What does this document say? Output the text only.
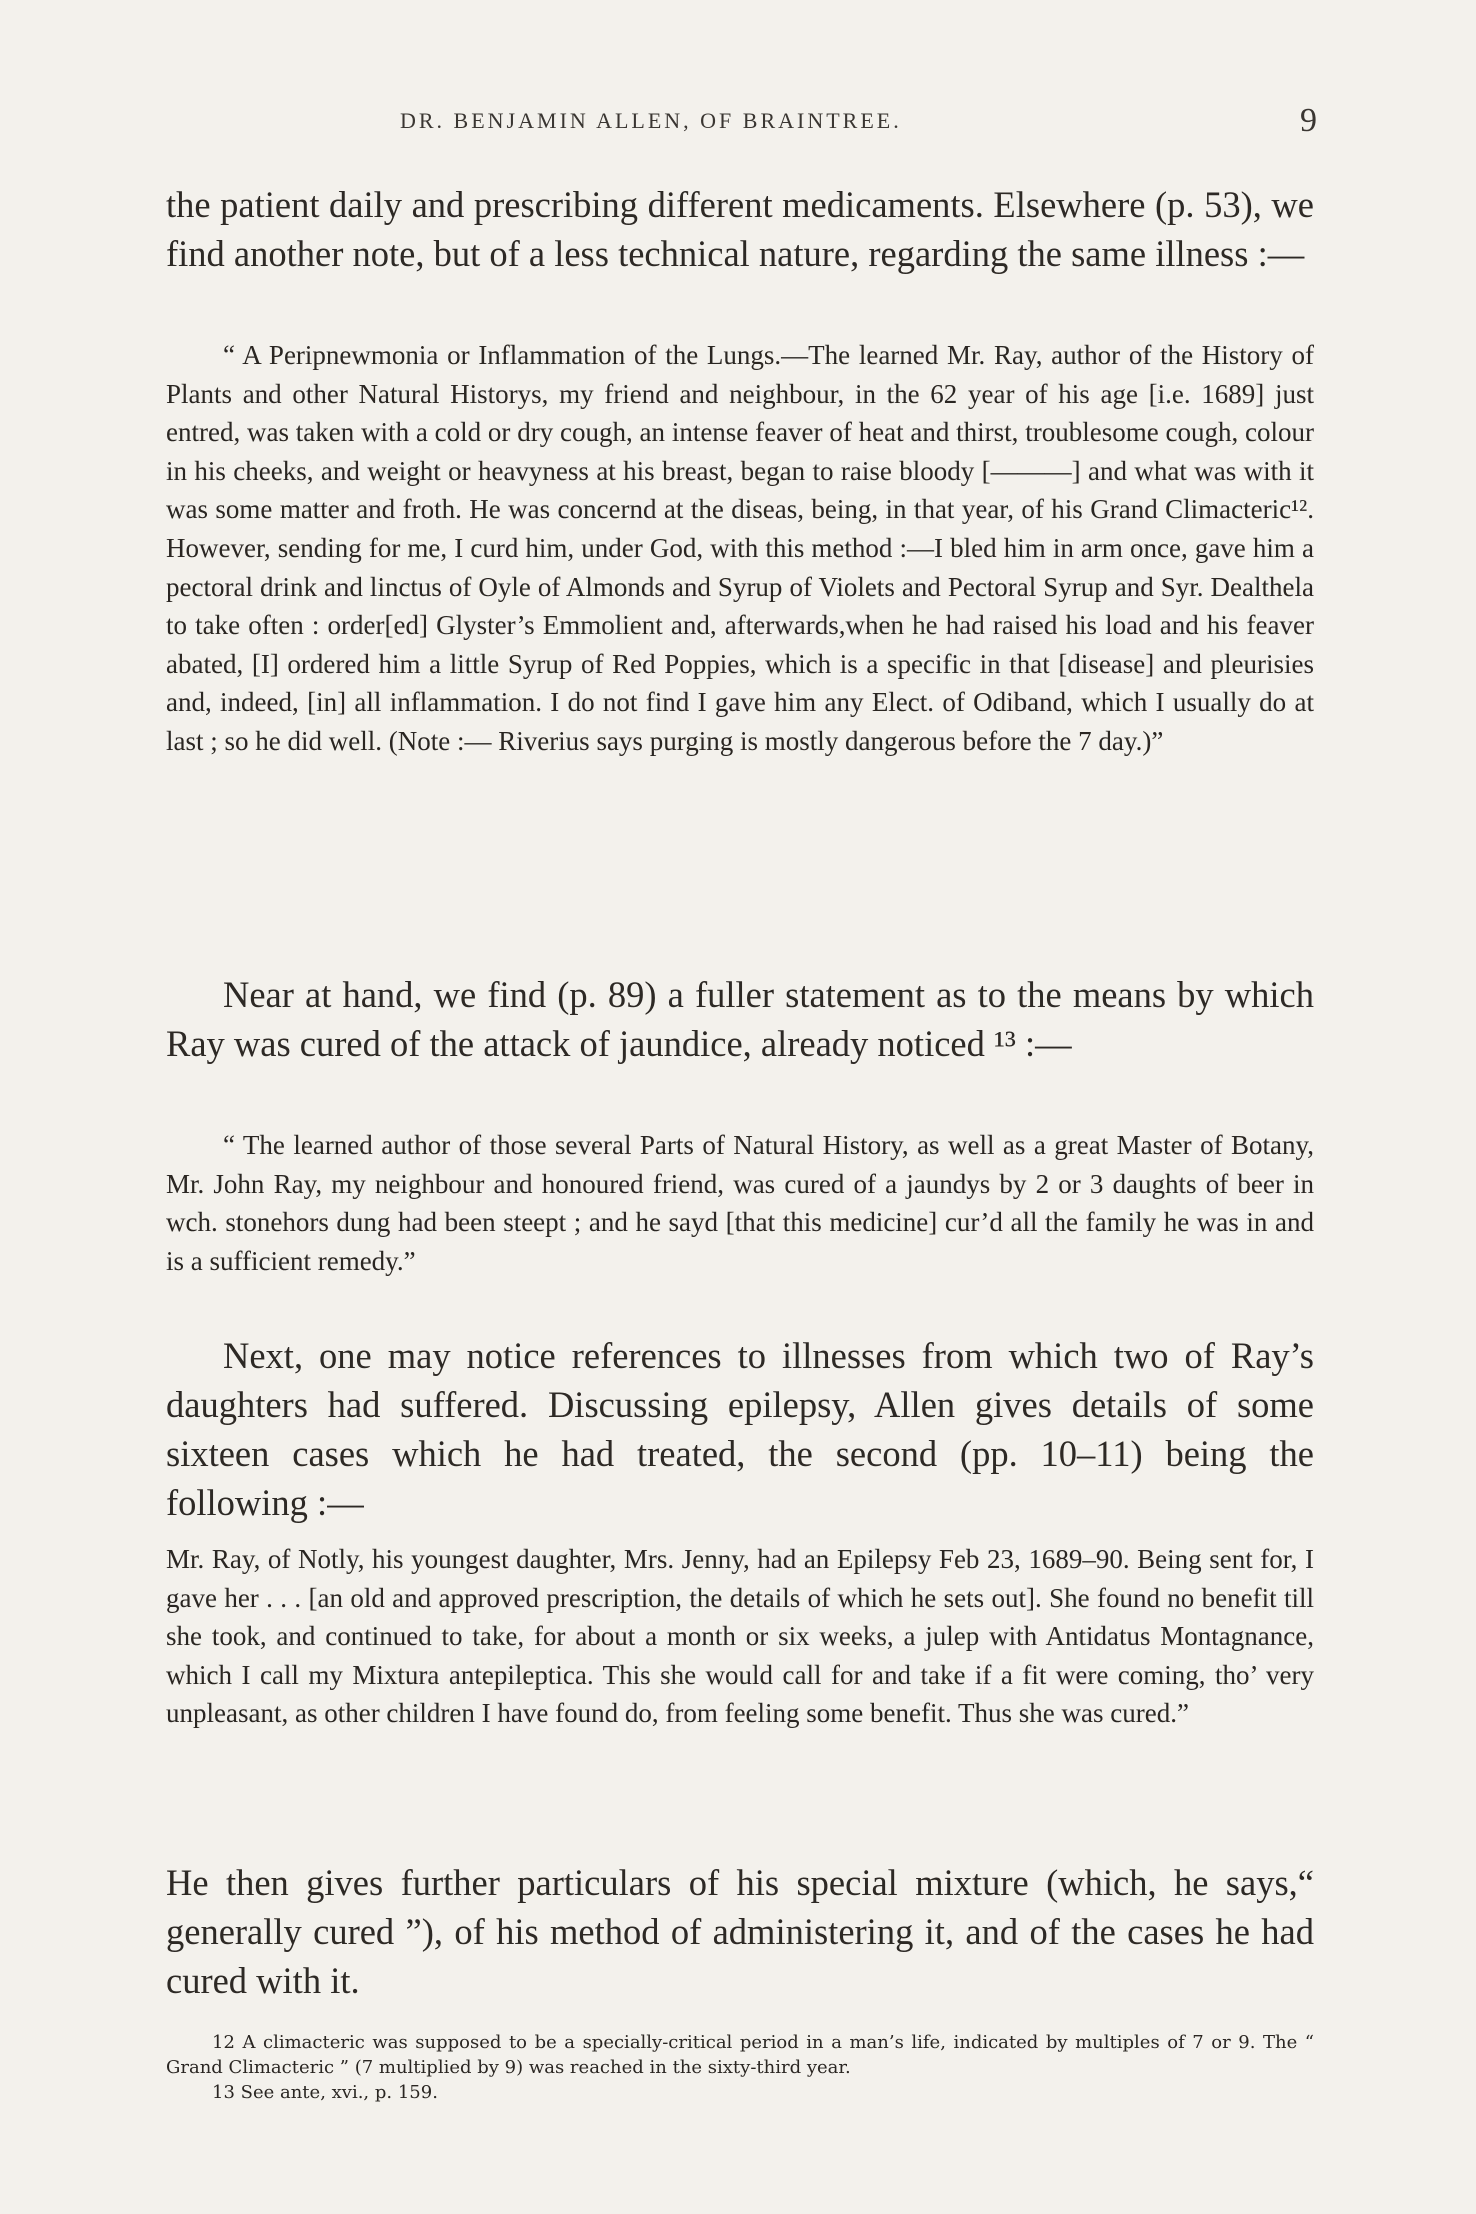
DR. BENJAMIN ALLEN, OF BRAINTREE.	9

the patient daily and prescribing different medicaments. Elsewhere (p. 53), we find another note, but of a less technical nature, regarding the same illness :—

“ A Peripnewmonia or Inflammation of the Lungs.—The learned Mr. Ray, author of the History of Plants and other Natural Historys, my friend and neighbour, in the 62 year of his age [i.e. 1689] just entred, was taken with a cold or dry cough, an intense feaver of heat and thirst, troublesome cough, colour in his cheeks, and weight or heavyness at his breast, began to raise bloody [———] and what was with it was some matter and froth. He was concernd at the diseas, being, in that year, of his Grand Climacteric¹². However, sending for me, I curd him, under God, with this method :—I bled him in arm once, gave him a pectoral drink and linctus of Oyle of Almonds and Syrup of Violets and Pectoral Syrup and Syr. Dealthela to take often : order[ed] Glyster’s Emmolient and, afterwards,when he had raised his load and his feaver abated, [I] ordered him a little Syrup of Red Poppies, which is a specific in that [disease] and pleurisies and, indeed, [in] all inflammation. I do not find I gave him any Elect. of Odiband, which I usually do at last ; so he did well. (Note :— Riverius says purging is mostly dangerous before the 7 day.)”

Near at hand, we find (p. 89) a fuller statement as to the means by which Ray was cured of the attack of jaundice, already noticed ¹³ :—

“ The learned author of those several Parts of Natural History, as well as a great Master of Botany, Mr. John Ray, my neighbour and honoured friend, was cured of a jaundys by 2 or 3 daughts of beer in wch. stonehors dung had been steept ; and he sayd [that this medicine] cur’d all the family he was in and is a sufficient remedy.”

Next, one may notice references to illnesses from which two of Ray’s daughters had suffered. Discussing epilepsy, Allen gives details of some sixteen cases which he had treated, the second (pp. 10–11) being the following :—

Mr. Ray, of Notly, his youngest daughter, Mrs. Jenny, had an Epilepsy Feb 23, 1689–90. Being sent for, I gave her . . . [an old and approved prescription, the details of which he sets out]. She found no benefit till she took, and continued to take, for about a month or six weeks, a julep with Antidatus Montagnance, which I call my Mixtura antepileptica. This she would call for and take if a fit were coming, tho’ very unpleasant, as other children I have found do, from feeling some benefit. Thus she was cured.”

He then gives further particulars of his special mixture (which, he says,“ generally cured ”), of his method of administering it, and of the cases he had cured with it.

12 A climacteric was supposed to be a specially-critical period in a man’s life, indicated by multiples of 7 or 9. The “ Grand Climacteric ” (7 multiplied by 9) was reached in the sixty-third year.

13 See ante, xvi., p. 159.
